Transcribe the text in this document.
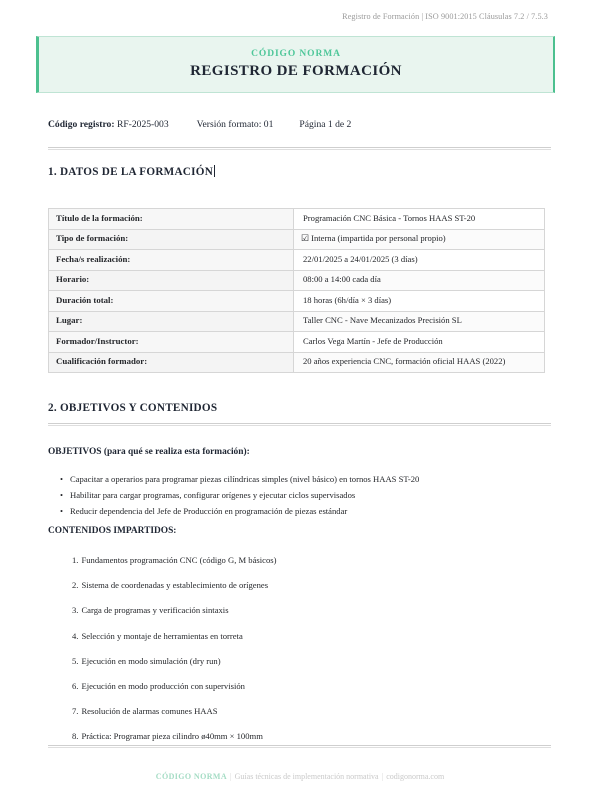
Registro de Formación | ISO 9001:2015 Cláusulas 7.2 / 7.5.3
CÓDIGO NORMA
REGISTRO DE FORMACIÓN
Código registro: RF-2025-003	Versión formato: 01	Página 1 de 2
1. DATOS DE LA FORMACIÓN
Título de la formación:	Programación CNC Básica - Tornos HAAS ST-20
Tipo de formación:	☑ Interna (impartida por personal propio)
Fecha/s realización:	22/01/2025 a 24/01/2025 (3 días)
Horario:	08:00 a 14:00 cada día
Duración total:	18 horas (6h/día × 3 días)
Lugar:	Taller CNC - Nave Mecanizados Precisión SL
Formador/Instructor:	Carlos Vega Martín - Jefe de Producción
Cualificación formador:	20 años experiencia CNC, formación oficial HAAS (2022)
2. OBJETIVOS Y CONTENIDOS
OBJETIVOS (para qué se realiza esta formación):
• Capacitar a operarios para programar piezas cilíndricas simples (nivel básico) en tornos HAAS ST-20
• Habilitar para cargar programas, configurar orígenes y ejecutar ciclos supervisados
• Reducir dependencia del Jefe de Producción en programación de piezas estándar
CONTENIDOS IMPARTIDOS:
1. Fundamentos programación CNC (código G, M básicos)
2. Sistema de coordenadas y establecimiento de orígenes
3. Carga de programas y verificación sintaxis
4. Selección y montaje de herramientas en torreta
5. Ejecución en modo simulación (dry run)
6. Ejecución en modo producción con supervisión
7. Resolución de alarmas comunes HAAS
8. Práctica: Programar pieza cilindro ø40mm × 100mm
CÓDIGO NORMA | Guías técnicas de implementación normativa | codigonorma.com
